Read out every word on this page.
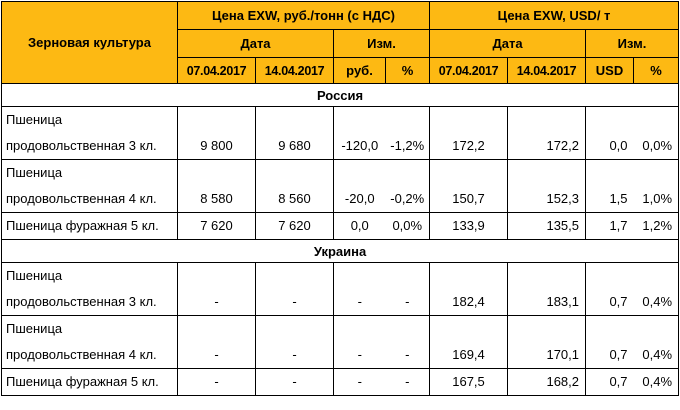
Зерновая культура	Цена EXW, руб./тонн (с НДС)				Цена EXW, USD/ т			
	Дата		Изм.		Дата		Изм.	
	07.04.2017	14.04.2017	руб.	%	07.04.2017	14.04.2017	USD	%
Россия								

Пшеница
продовольственная 3 кл.	9 800	9 680	-120,0	-1,2%	172,2	172,2	0,0	0,0%

Пшеница
продовольственная 4 кл.	8 580	8 560	-20,0	-0,2%	150,7	152,3	1,5	1,0%

Пшеница фуражная 5 кл.	7 620	7 620	0,0	0,0%	133,9	135,5	1,7	1,2%
Украина								

Пшеница
продовольственная 3 кл.	-	-	-	-	182,4	183,1	0,7	0,4%

Пшеница
продовольственная 4 кл.	-	-	-	-	169,4	170,1	0,7	0,4%

Пшеница фуражная 5 кл.	-	-	-	-	167,5	168,2	0,7	0,4%
